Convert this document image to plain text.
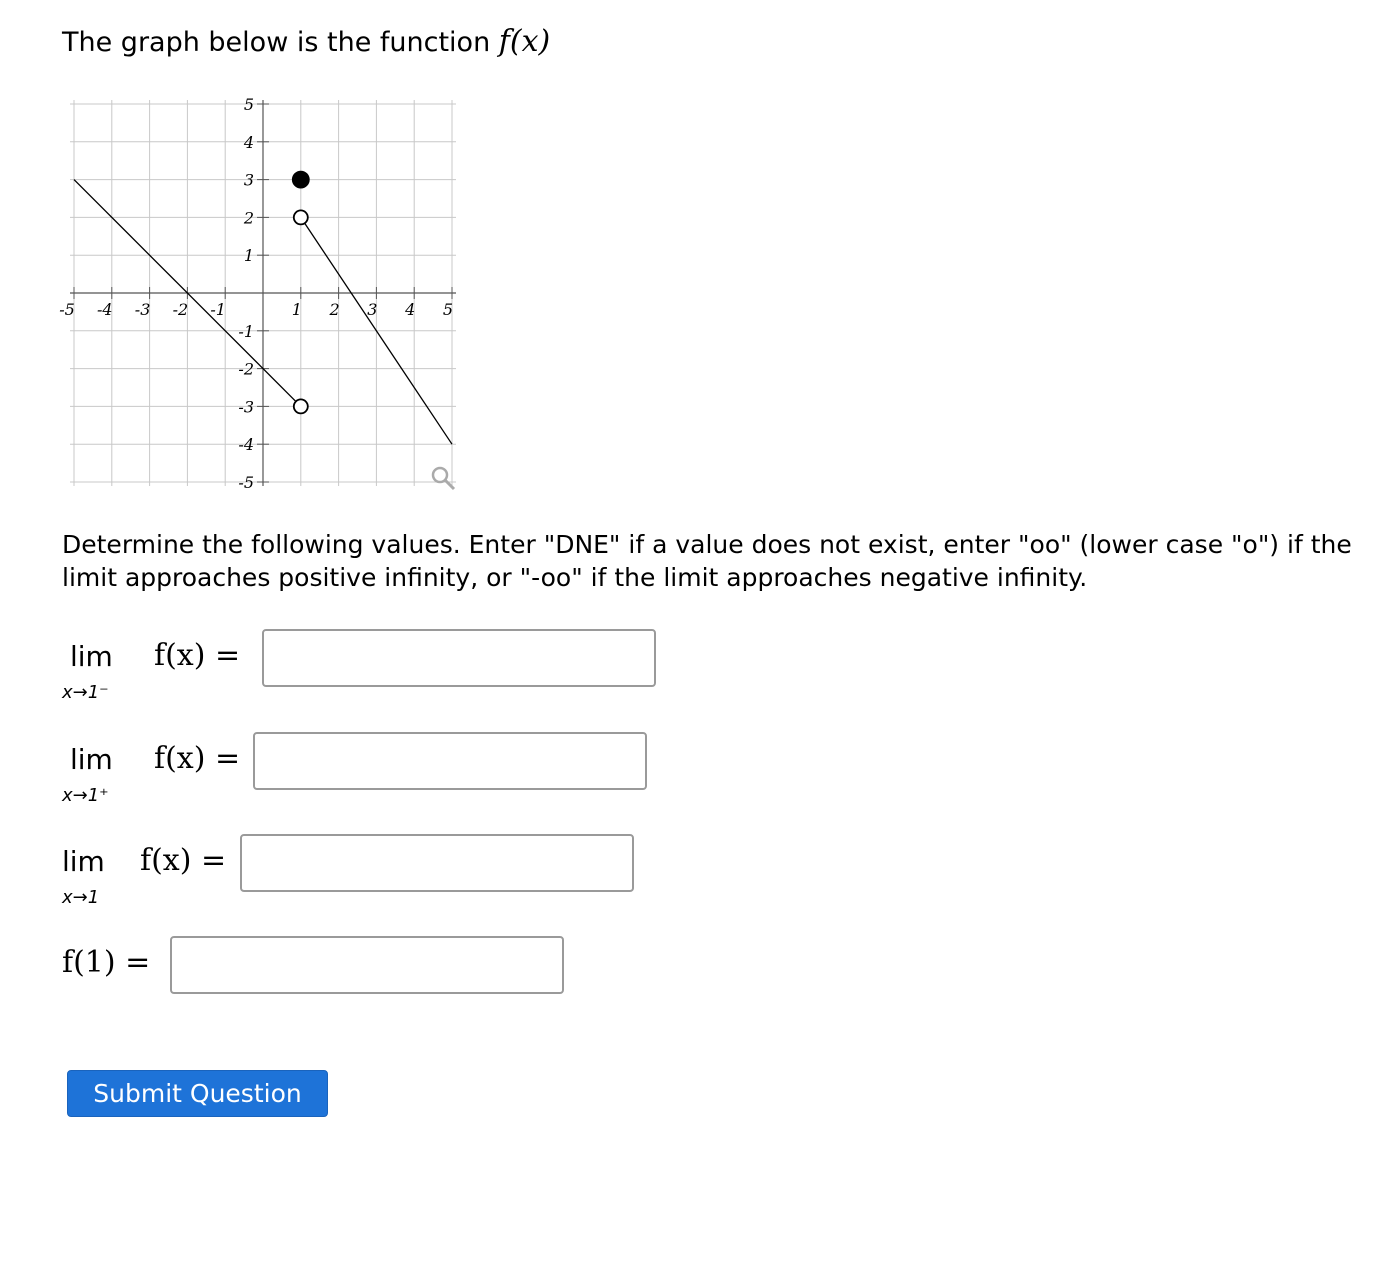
The graph below is the function f(x)
-5 -4 -3 -2 -1	1 2 3 4 5
5
4
3
2
1
-1
-2
-3
-4
-5
Determine the following values. Enter "DNE" if a value does not exist, enter "oo" (lower case "o") if the limit approaches positive infinity, or "-oo" if the limit approaches negative infinity.
lim
x→1⁻
f(x) =
lim
x→1⁺
f(x) =
lim
x→1
f(x) =
f(1) =
Submit Question
